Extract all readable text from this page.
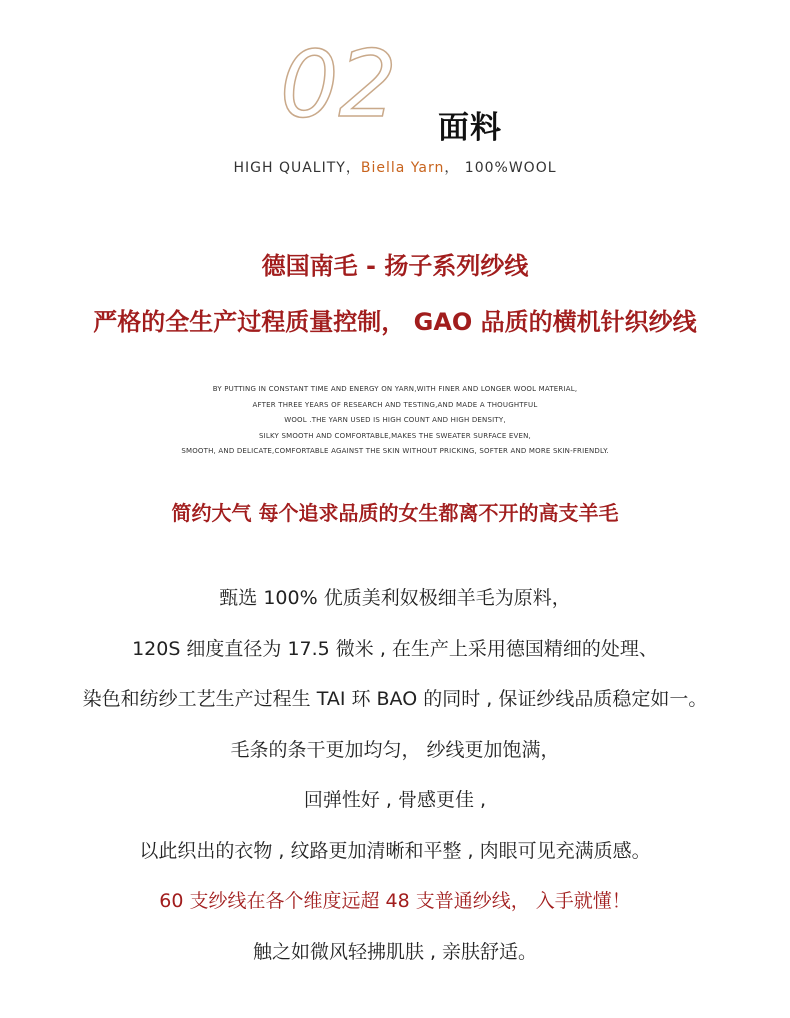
02 面料
HIGH QUALITY，Biella Yarn， 100%WOOL
德国南毛 - 扬子系列纱线
严格的全生产过程质量控制， GAO 品质的横机针织纱线
BY PUTTING IN CONSTANT TIME AND ENERGY ON YARN,WITH FINER AND LONGER WOOL MATERIAL,
AFTER THREE YEARS OF RESEARCH AND TESTING,AND MADE A THOUGHTFUL
WOOL .THE YARN USED IS HIGH COUNT AND HIGH DENSITY,
SILKY SMOOTH AND COMFORTABLE,MAKES THE SWEATER SURFACE EVEN,
SMOOTH, AND DELICATE,COMFORTABLE AGAINST THE SKIN WITHOUT PRICKING, SOFTER AND MORE SKIN-FRIENDLY.
简约大气 每个追求品质的女生都离不开的高支羊毛
甄选 100% 优质美利奴极细羊毛为原料，
120S 细度直径为 17.5 微米 , 在生产上采用德国精细的处理、
染色和纺纱工艺生产过程生 TAI 环 BAO 的同时 , 保证纱线品质稳定如一。
毛条的条干更加均匀， 纱线更加饱满，
回弹性好 , 骨感更佳 ,
以此织出的衣物 , 纹路更加清晰和平整 , 肉眼可见充满质感。
60 支纱线在各个维度远超 48 支普通纱线， 入手就懂！
触之如微风轻拂肌肤 , 亲肤舒适。
